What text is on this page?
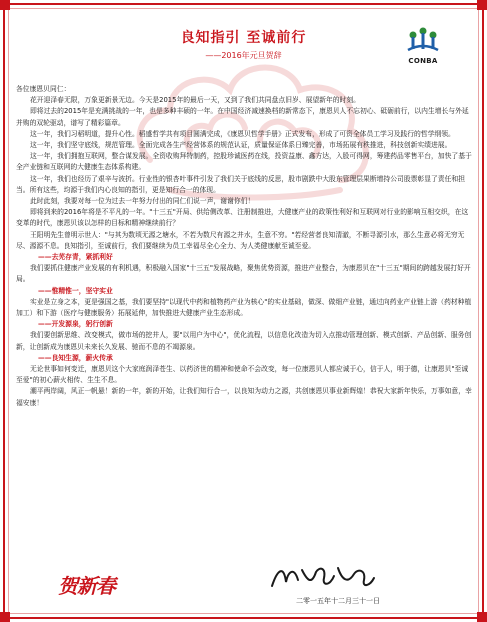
良知指引 至诚前行
——2016年元旦贺辞
CONBA

各位康恩贝同仁：

花开迎泽春无限，万象更新景无边。今天是2015年的最后一天，又到了我们共同盘点旧岁、展望新年的时刻。

即将过去的2015年是充满挑战的一年，也是多种丰硕的一年。在中国经济减速换档的新常态下，康恩贝人不忘初心、砥砺前行，以内生增长与外延并购的双轮驱动，谱写了精彩篇章。

这一年，我们习稻明道，提升心性。稻盛哲学共有项目圆满完成，《康恩贝哲学手册》正式发布，形成了可资全体员工学习及践行的哲学纲领。

这一年，我们坚守底线，规范管理。全面完成各生产经营体系的规范认证，质量保证体系日臻完善，市场拓展有秩推进，科技创新实绩进展。

这一年，我们拥抱互联网，整合谋发展。全资收购拜特制药，控股珍诚医药在线，投资益康、鑫方达，入股可得网，筹建药品零售平台，加快了基于全产业链和互联网的大健康生态体系构建。

这一年，我们也经历了艰辛与波折。行业性的银杏叶事件引发了我们关于底线的反思，股市剧跌中大股东管理层果断增持公司股票彰显了责任和担当。所有这些，均源于我们内心良知的指引，更是知行合一的体现。

此时此刻，我要对每一位为过去一年努力付出的同仁们说一声，谢谢你们！

即将到来的2016年将是不平凡的一年。"十三五"开局、供给侧改革、注册制推进，大健康产业的政策性利好和互联网对行业的影响互相交织，在这变革的时代，康恩贝该以怎样的目标和精神继续前行？

王阳明先生曾明示世人："与其为数顷无源之塘水，不若为数尺有源之井水，生意不穷。"若经营者良知清澈，不断寻源引水，那么生意必将无穷无尽、源源不息。良知指引，至诚前行，我们要继续为员工幸福尽全心全力、为人类健康献至诚至爱。

——去芜存青，紧抓利好

我们要抓住健康产业发展的有利机遇，积极融入国家"十三五"发展战略，聚焦优势资源，推进产业整合，为康恩贝在"十三五"期间的跨越发展打好开局。

——惟精惟一，坚守实业

实业是立身之本，更是强国之基，我们要坚持"以现代中药和植物药产业为核心"的实业基础，做深、做细产业链，通过向药业产业链上游（药材种植加工）和下游（医疗与健康服务）拓展延伸，加快推进大健康产业生态形成。

——开发源泉，躬行创新

我们要创新思维、改变模式，做市场的挖井人，要"以用户为中心"，优化流程，以信息化改造为切入点推动管理创新、模式创新、产品创新、服务创新，让创新成为康恩贝未来长久发展、驰而不息的不竭源泉。

——良知生源，薪火传承

无论世事如何变迁，康恩贝这个大家庭润泽苍生、以药济世的精神和使命不会改变，每一位康恩贝人都应诚于心，信于人，明于德，让康恩贝"至诚至爱"的初心薪火相传、生生不息。

潮平两岸阔，风正一帆悬！新的一年，新的开始，让我们知行合一，以良知为动力之源，共创康恩贝事业新辉煌！恭祝大家新年快乐，万事如意，幸福安康！

贺新春
二零一五年十二月三十一日
